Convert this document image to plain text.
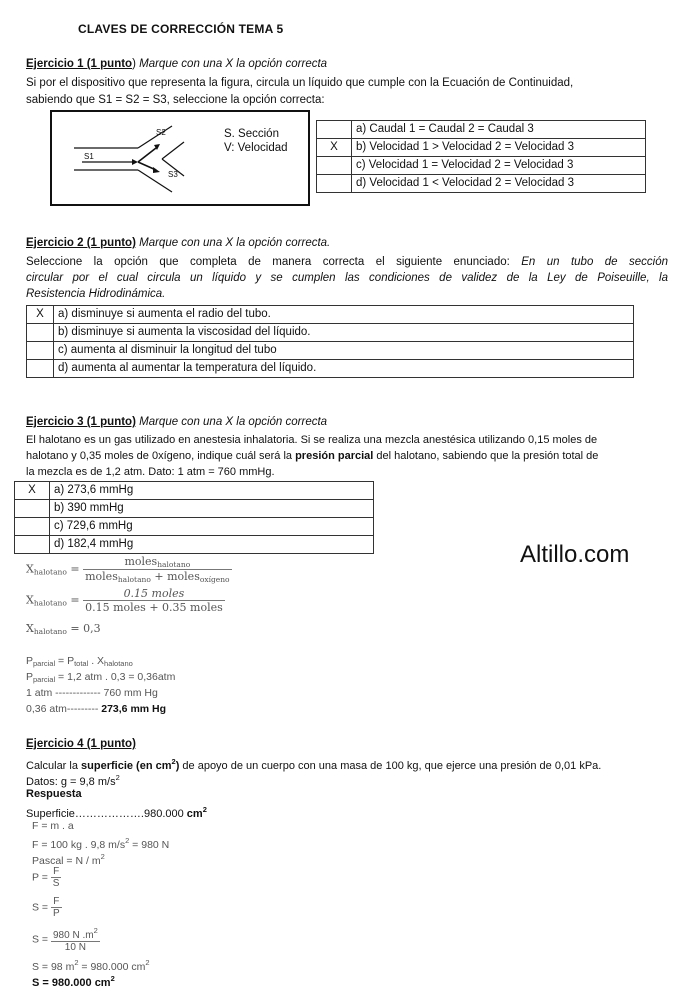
CLAVES DE CORRECCIÓN TEMA 5
Ejercicio 1 (1 punto) Marque con una X la opción correcta
Si por el dispositivo que representa la figura, circula un líquido que cumple con la Ecuación de Continuidad,
sabiendo que S1 = S2 = S3, seleccione la opción correcta:
S1
S2
S3
S. Sección
V: Velocidad
	a) Caudal 1 = Caudal 2 = Caudal 3
X	b) Velocidad 1 > Velocidad 2 = Velocidad 3
	c) Velocidad 1 = Velocidad 2 = Velocidad 3
	d) Velocidad 1 < Velocidad 2 = Velocidad 3
Ejercicio 2 (1 punto) Marque con una X la opción correcta.
Seleccione la opción que completa de manera correcta el siguiente enunciado: En un tubo de sección
circular por el cual circula un líquido y se cumplen las condiciones de validez de la Ley de Poiseuille, la
Resistencia Hidrodinámica.
X	a) disminuye si aumenta el radio del tubo.
	b) disminuye si aumenta la viscosidad del líquido.
	c) aumenta al disminuir la longitud del tubo
	d) aumenta al aumentar la temperatura del líquido.
Ejercicio 3 (1 punto) Marque con una X la opción correcta
El halotano es un gas utilizado en anestesia inhalatoria. Si se realiza una mezcla anestésica utilizando 0,15 moles de
halotano y 0,35 moles de 0xígeno, indique cuál será la presión parcial del halotano, sabiendo que la presión total de
la mezcla es de 1,2 atm. Dato: 1 atm = 760 mmHg.
X	a) 273,6 mmHg
	b) 390 mmHg
	c) 729,6 mmHg
	d) 182,4 mmHg
$X_{halotano} = \frac{moles_{halotano}}{moles_{halotano} + moles_{oxígeno}}$
$X_{halotano} = \frac{\text{0.15 moles}}{\text{0.15 moles + 0.35 moles}}$
$X_{halotano} = 0,3$
$P_{parcial} = P_{total}$ . $X_{halotano}$
$P_{parcial} = 1,2$ atm . 0,3 = 0,36atm
1 atm ------------- 760 mm Hg
0,36 atm--------- 273,6 mm Hg
Altillo.com
Ejercicio 4 (1 punto)
Calcular la superficie (en $cm^2$) de apoyo de un cuerpo con una masa de 100 kg, que ejerce una presión de 0,01 kPa.
Datos: g = 9,8 $m/s^2$
Respuesta
Superficie……………….980.000 $cm^2$
F = m . a
F = 100 kg . 9,8 $m/s^2 = 980$ N
Pascal = N / $m^2$
$P = \frac{F}{S}$
$S = \frac{F}{P}$
$S = \frac{980 N .m^2}{10 N}$
S = 98 $m^2 = 980.000$ $cm^2$
S = 980.000 $cm^2$
